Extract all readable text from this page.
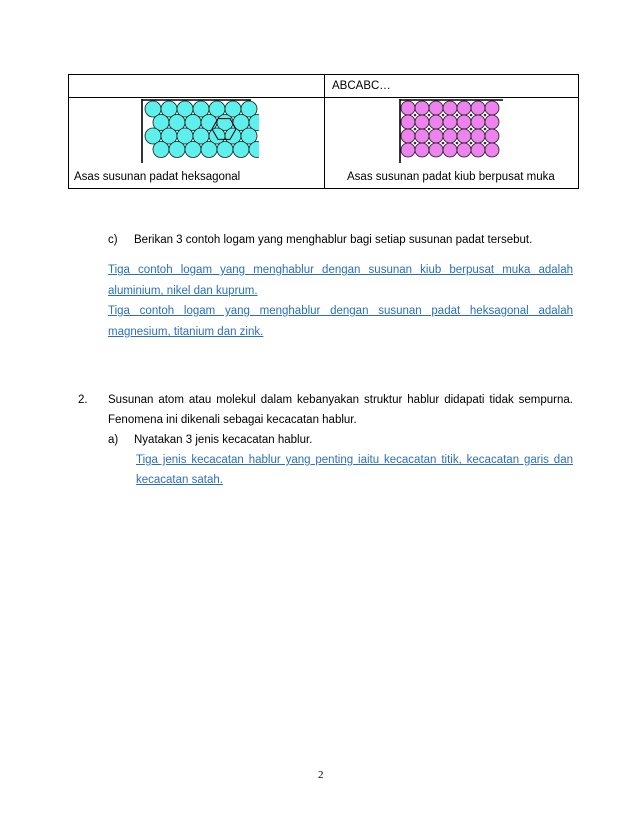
ABCABC…
Asas susunan padat heksagonal	Asas susunan padat kiub berpusat muka
c) Berikan 3 contoh logam yang menghablur bagi setiap susunan padat tersebut.
Tiga contoh logam yang menghablur dengan susunan kiub berpusat muka adalah
aluminium, nikel dan kuprum.
Tiga contoh logam yang menghablur dengan susunan padat heksagonal adalah
magnesium, titanium dan zink.
2. Susunan atom atau molekul dalam kebanyakan struktur hablur didapati tidak sempurna.
Fenomena ini dikenali sebagai kecacatan hablur.
a) Nyatakan 3 jenis kecacatan hablur.
Tiga jenis kecacatan hablur yang penting iaitu kecacatan titik, kecacatan garis dan
kecacatan satah.
2
